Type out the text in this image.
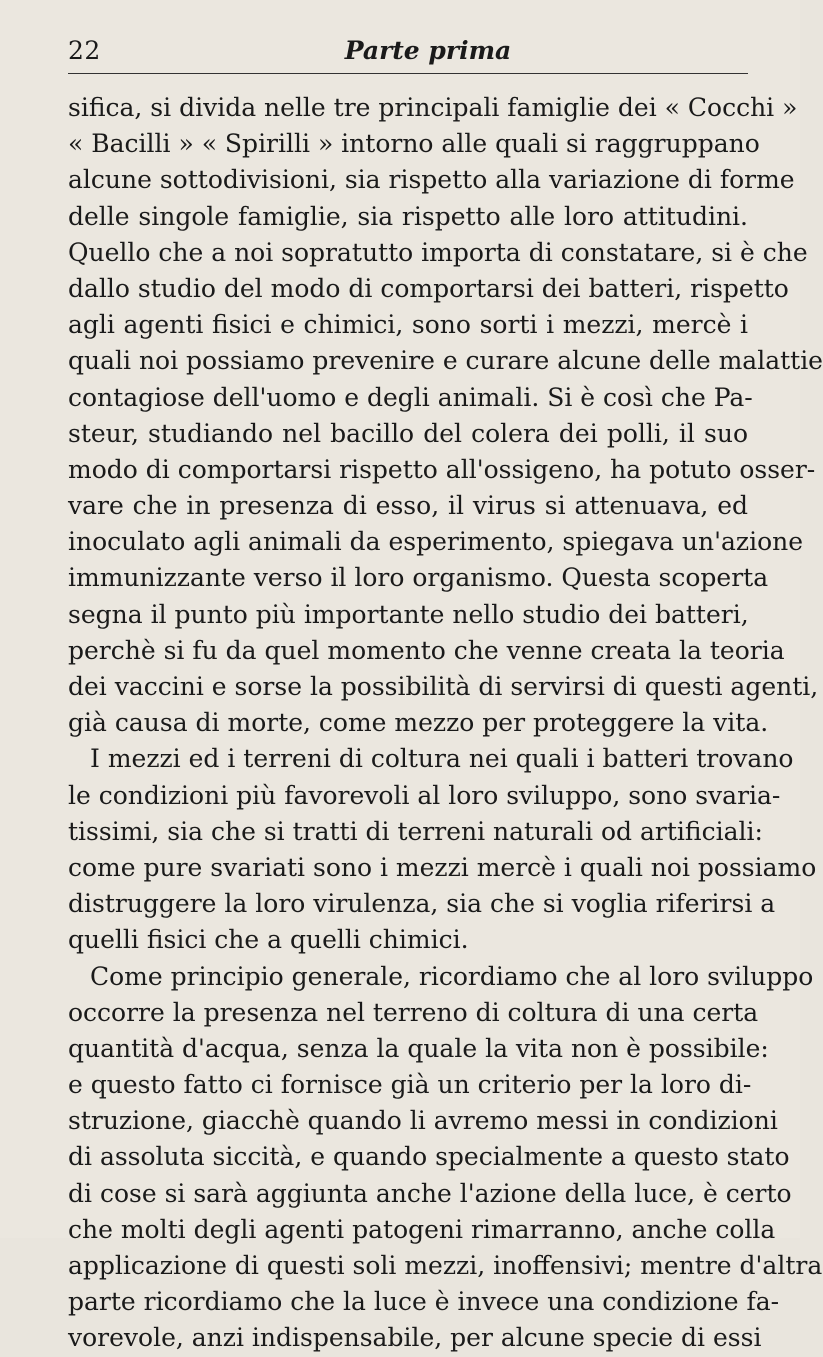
22	Parte prima
sifica, si divida nelle tre principali famiglie dei « Cocchi »
« Bacilli » « Spirilli » intorno alle quali si raggruppano
alcune sottodivisioni, sia rispetto alla variazione di forme
delle singole famiglie, sia rispetto alle loro attitudini.
Quello che a noi sopratutto importa di constatare, si è che
dallo studio del modo di comportarsi dei batteri, rispetto
agli agenti fisici e chimici, sono sorti i mezzi, mercè i
quali noi possiamo prevenire e curare alcune delle malattie
contagiose dell'uomo e degli animali. Si è così che Pa-
steur, studiando nel bacillo del colera dei polli, il suo
modo di comportarsi rispetto all'ossigeno, ha potuto osser-
vare che in presenza di esso, il virus si attenuava, ed
inoculato agli animali da esperimento, spiegava un'azione
immunizzante verso il loro organismo. Questa scoperta
segna il punto più importante nello studio dei batteri,
perchè si fu da quel momento che venne creata la teoria
dei vaccini e sorse la possibilità di servirsi di questi agenti,
già causa di morte, come mezzo per proteggere la vita.
I mezzi ed i terreni di coltura nei quali i batteri trovano
le condizioni più favorevoli al loro sviluppo, sono svaria-
tissimi, sia che si tratti di terreni naturali od artificiali:
come pure svariati sono i mezzi mercè i quali noi possiamo
distruggere la loro virulenza, sia che si voglia riferirsi a
quelli fisici che a quelli chimici.
Come principio generale, ricordiamo che al loro sviluppo
occorre la presenza nel terreno di coltura di una certa
quantità d'acqua, senza la quale la vita non è possibile:
e questo fatto ci fornisce già un criterio per la loro di-
struzione, giacchè quando li avremo messi in condizioni
di assoluta siccità, e quando specialmente a questo stato
di cose si sarà aggiunta anche l'azione della luce, è certo
che molti degli agenti patogeni rimarranno, anche colla
applicazione di questi soli mezzi, inoffensivi; mentre d'altra
parte ricordiamo che la luce è invece una condizione fa-
vorevole, anzi indispensabile, per alcune specie di essi
